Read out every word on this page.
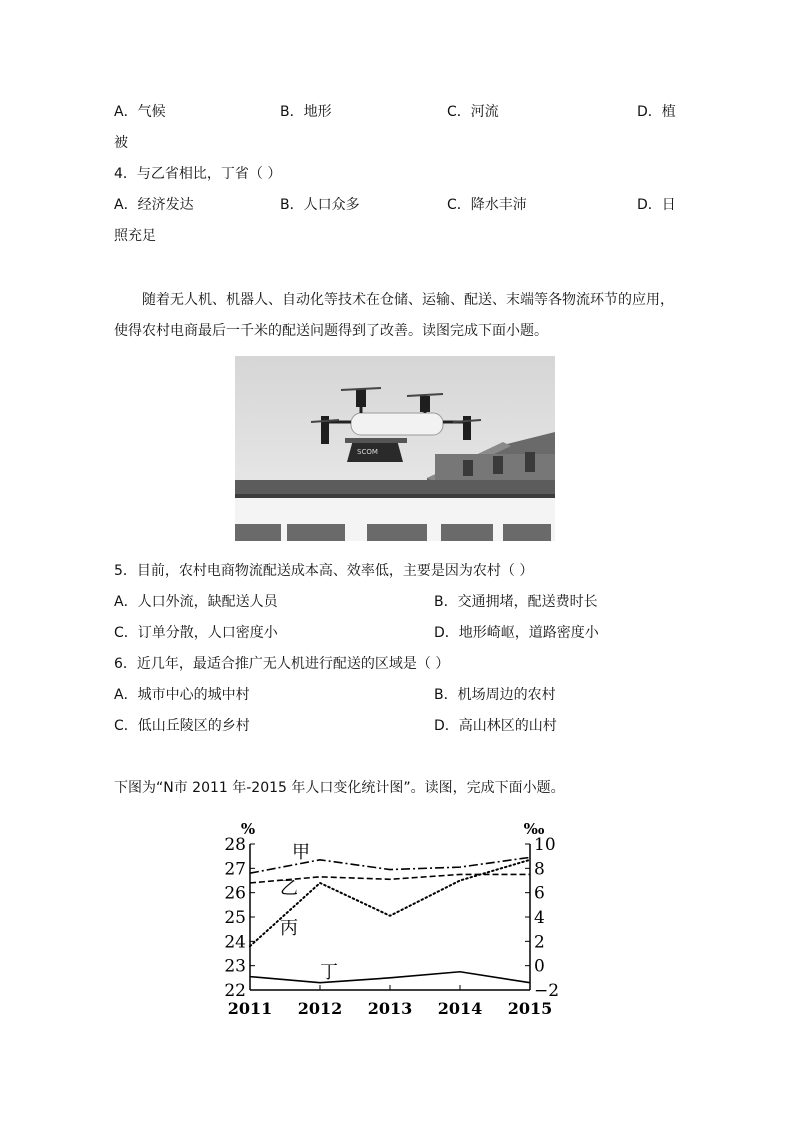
A．气候	B．地形	C．河流	D．植
被
4．与乙省相比，丁省（ ）
A．经济发达	B．人口众多	C．降水丰沛	D．日
照充足
随着无人机、机器人、自动化等技术在仓储、运输、配送、末端等各物流环节的应用，使得农村电商最后一千米的配送问题得到了改善。读图完成下面小题。
SCOM
5．目前，农村电商物流配送成本高、效率低，主要是因为农村（ ）
A．人口外流，缺配送人员	B．交通拥堵，配送费时长
C．订单分散，人口密度小	D．地形崎岖，道路密度小
6．近几年，最适合推广无人机进行配送的区域是（ ）
A．城市中心的城中村	B．机场周边的农村
C．低山丘陵区的乡村	D．高山林区的山村
下图为“N市 2011 年-2015 年人口变化统计图”。读图，完成下面小题。
%	‰
22
23
24
25
26
27
28
−2
0
2
4
6
8
10
2011 2012 2013 2014 2015
甲
乙
丙
丁
